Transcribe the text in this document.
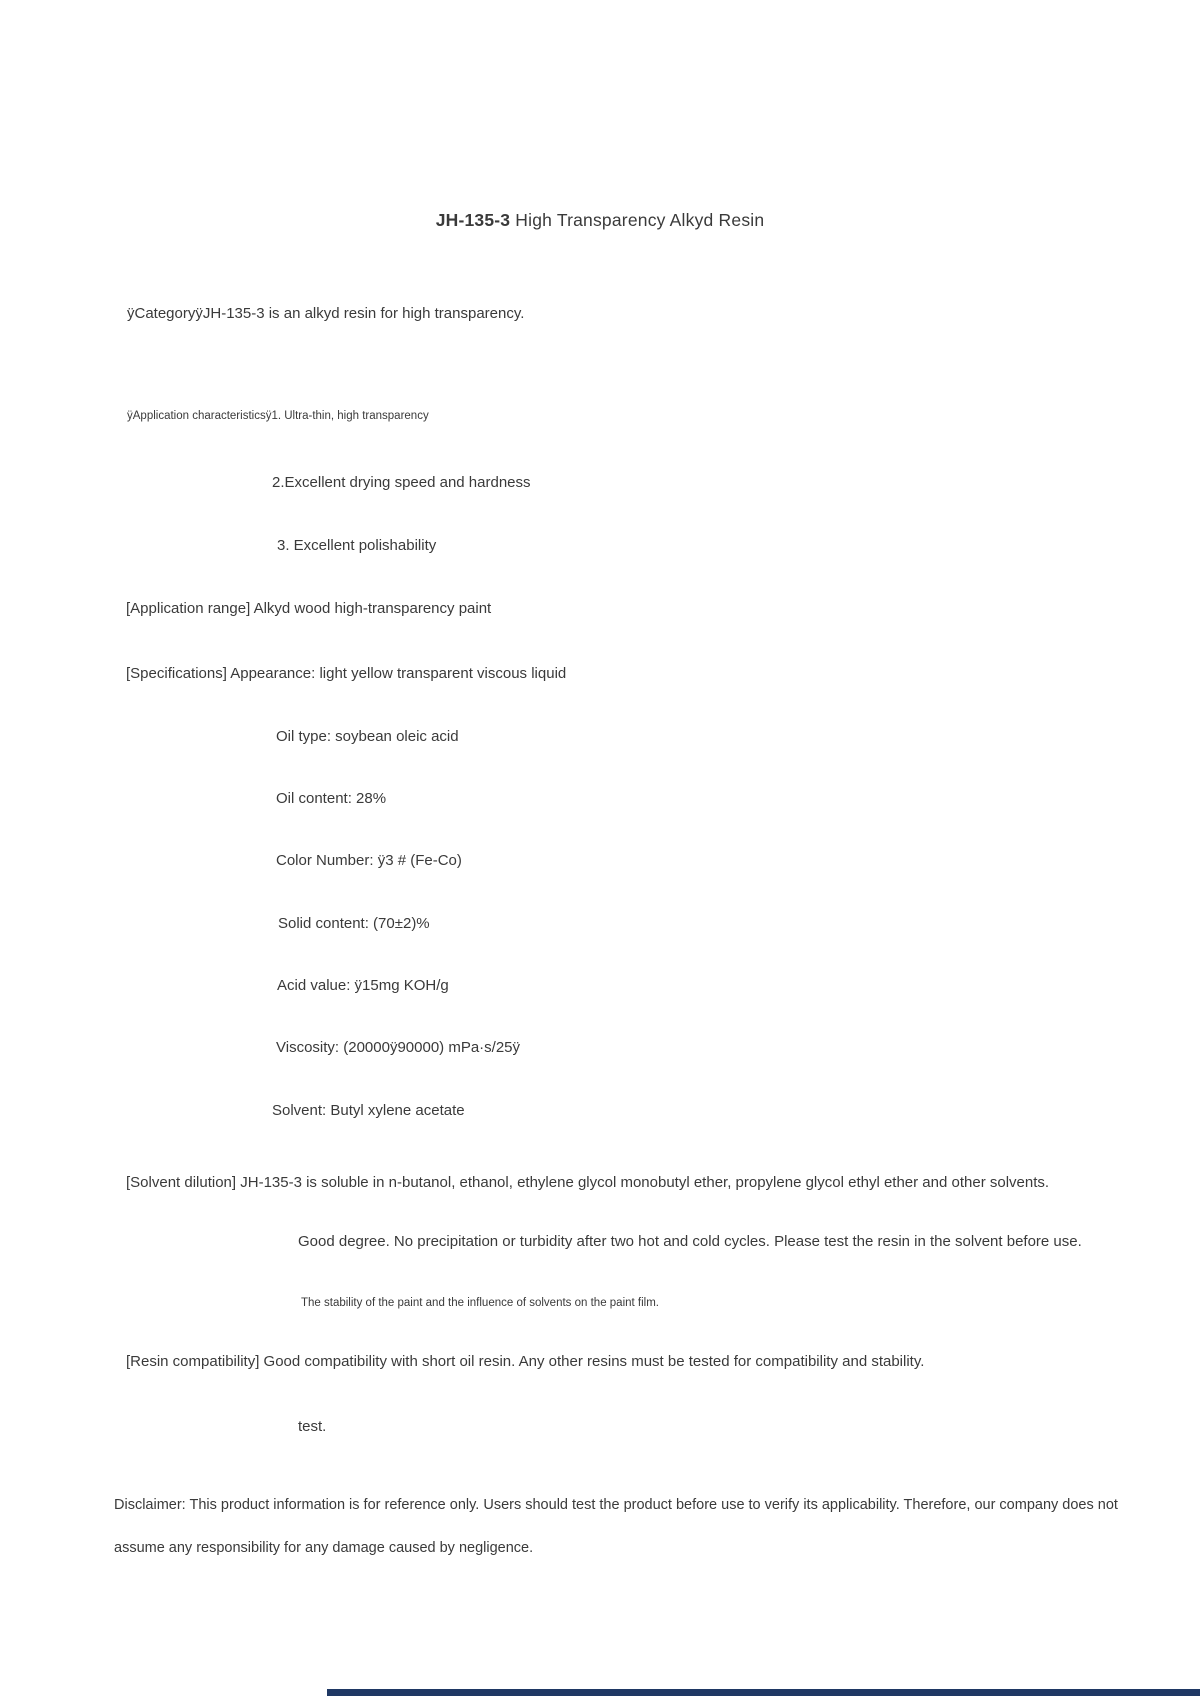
JH-135-3 High Transparency Alkyd Resin
ÿCategoryÿJH-135-3 is an alkyd resin for high transparency.
ÿApplication characteristicsÿ1. Ultra-thin, high transparency
2.Excellent drying speed and hardness
3. Excellent polishability
[Application range] Alkyd wood high-transparency paint
[Specifications] Appearance: light yellow transparent viscous liquid
Oil type: soybean oleic acid
Oil content: 28%
Color Number: ÿ3 # (Fe-Co)
Solid content: (70±2)%
Acid value: ÿ15mg KOH/g
Viscosity: (20000ÿ90000) mPa·s/25ÿ
Solvent: Butyl xylene acetate
[Solvent dilution] JH-135-3 is soluble in n-butanol, ethanol, ethylene glycol monobutyl ether, propylene glycol ethyl ether and other solvents.
Good degree. No precipitation or turbidity after two hot and cold cycles. Please test the resin in the solvent before use.
The stability of the paint and the influence of solvents on the paint film.
[Resin compatibility] Good compatibility with short oil resin. Any other resins must be tested for compatibility and stability.
test.
Disclaimer: This product information is for reference only. Users should test the product before use to verify its applicability. Therefore, our company does not
assume any responsibility for any damage caused by negligence.
